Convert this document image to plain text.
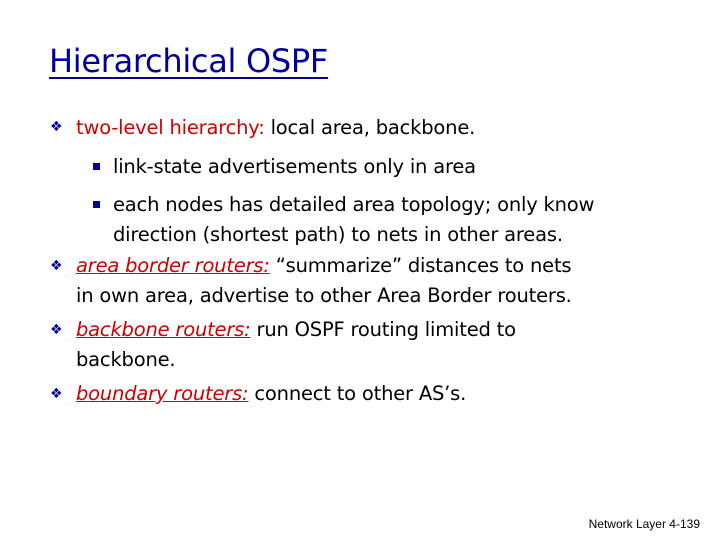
Hierarchical OSPF
❖ two-level hierarchy: local area, backbone.
link-state advertisements only in area
each nodes has detailed area topology; only know
direction (shortest path) to nets in other areas.
❖ area border routers: “summarize” distances to nets
in own area, advertise to other Area Border routers.
❖ backbone routers: run OSPF routing limited to
backbone.
❖ boundary routers: connect to other AS’s.
Network Layer 4-139
